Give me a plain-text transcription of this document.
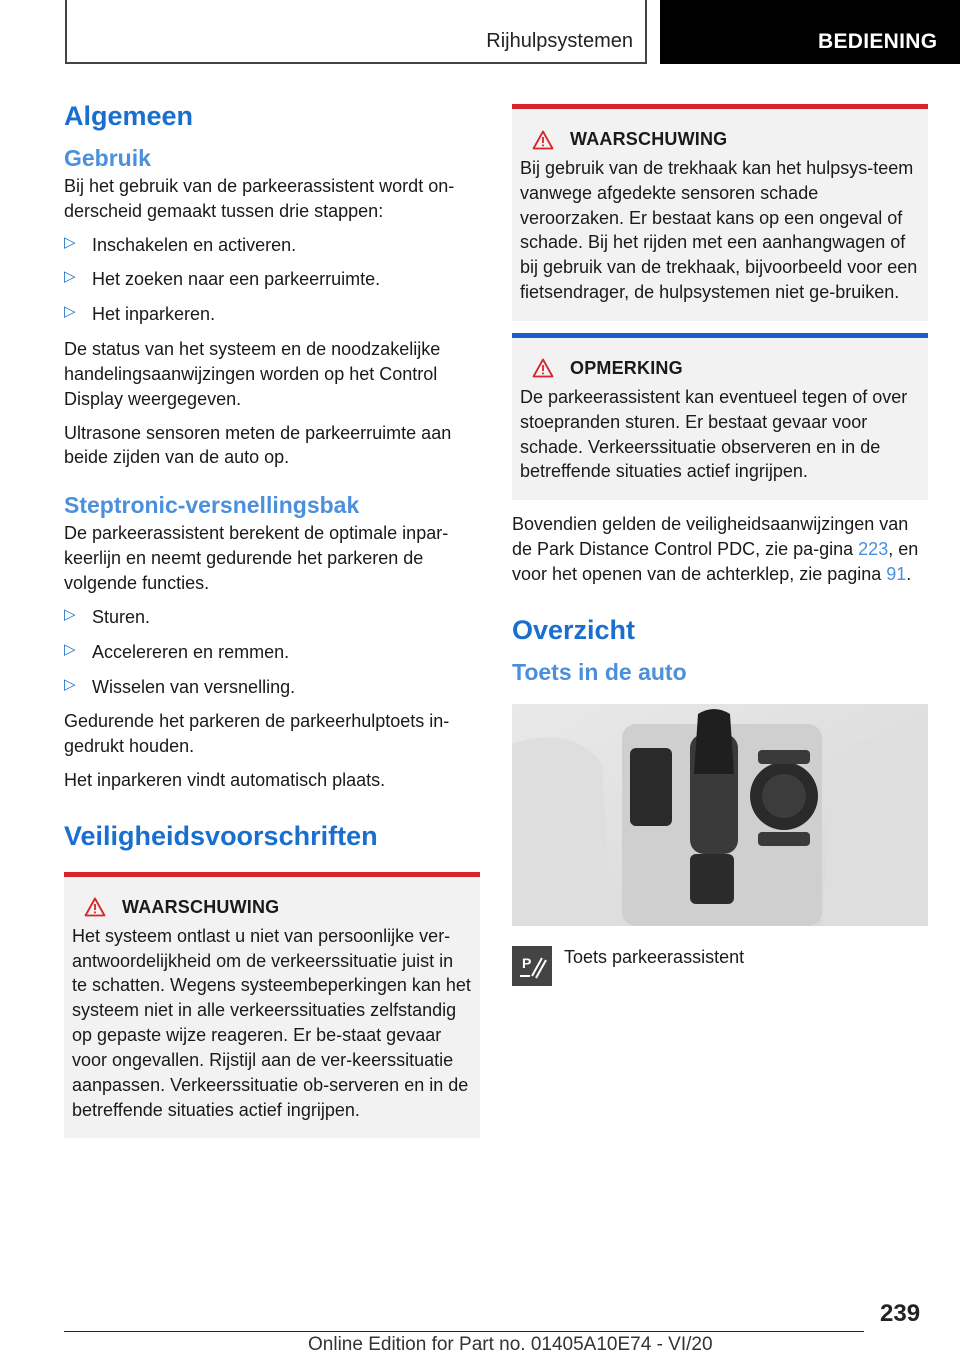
Rijhulpsystemen	BEDIENING
Algemeen
Gebruik

Bij het gebruik van de parkeerassistent wordt on-derscheid gemaakt tussen drie stappen:

▷ Inschakelen en activeren.
▷ Het zoeken naar een parkeerruimte.
▷ Het inparkeren.

De status van het systeem en de noodzakelijke handelingsaanwijzingen worden op het Control Display weergegeven.

Ultrasone sensoren meten de parkeerruimte aan beide zijden van de auto op.

Steptronic-versnellingsbak

De parkeerassistent berekent de optimale inpar-keerlijn en neemt gedurende het parkeren de volgende functies.

▷ Sturen.
▷ Accelereren en remmen.
▷ Wisselen van versnelling.

Gedurende het parkeren de parkeerhulptoets in-gedrukt houden.

Het inparkeren vindt automatisch plaats.

Veiligheidsvoorschriften
WAARSCHUWING

Het systeem ontlast u niet van persoonlijke ver-antwoordelijkheid om de verkeerssituatie juist in te schatten. Wegens systeembeperkingen kan het systeem niet in alle verkeerssituaties zelfstandig op gepaste wijze reageren. Er be-staat gevaar voor ongevallen. Rijstijl aan de ver-keerssituatie aanpassen. Verkeerssituatie ob-serveren en in de betreffende situaties actief ingrijpen.

WAARSCHUWING

Bij gebruik van de trekhaak kan het hulpsys-teem vanwege afgedekte sensoren schade veroorzaken. Er bestaat kans op een ongeval of schade. Bij het rijden met een aanhangwagen of bij gebruik van de trekhaak, bijvoorbeeld voor een fietsendrager, de hulpsystemen niet ge-bruiken.

OPMERKING

De parkeerassistent kan eventueel tegen of over stoepranden sturen. Er bestaat gevaar voor schade. Verkeerssituatie observeren en in de betreffende situaties actief ingrijpen.

Bovendien gelden de veiligheidsaanwijzingen van de Park Distance Control PDC, zie pa-gina 223, en voor het openen van de achterklep, zie pagina 91.

Overzicht
Toets in de auto
P Toets parkeerassistent
239
Online Edition for Part no. 01405A10E74 - VI/20
